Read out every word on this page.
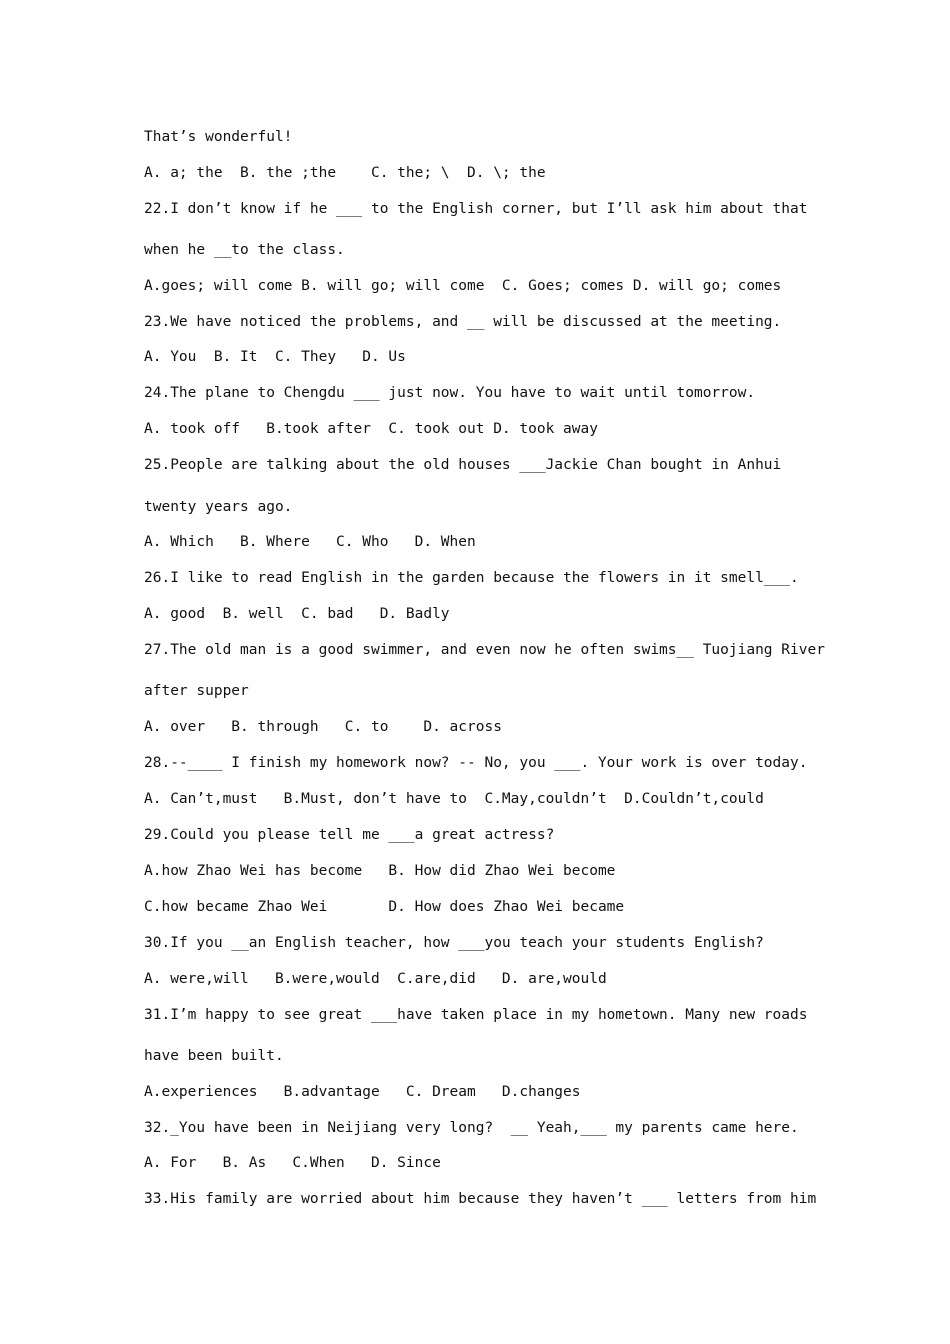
That’s wonderful!
A. a; the  B. the ;the    C. the; \  D. \; the
22.I don’t know if he ___ to the English corner, but I’ll ask him about that
when he __to the class.
A.goes; will come B. will go; will come  C. Goes; comes D. will go; comes
23.We have noticed the problems, and __ will be discussed at the meeting.
A. You  B. It  C. They   D. Us
24.The plane to Chengdu ___ just now. You have to wait until tomorrow.
A. took off   B.took after  C. took out D. took away
25.People are talking about the old houses ___Jackie Chan bought in Anhui
twenty years ago.
A. Which   B. Where   C. Who   D. When
26.I like to read English in the garden because the flowers in it smell___.
A. good  B. well  C. bad   D. Badly
27.The old man is a good swimmer, and even now he often swims__ Tuojiang River
after supper
A. over   B. through   C. to    D. across
28.--____ I finish my homework now? -- No, you ___. Your work is over today.
A. Can’t,must   B.Must, don’t have to  C.May,couldn’t  D.Couldn’t,could
29.Could you please tell me ___a great actress?
A.how Zhao Wei has become   B. How did Zhao Wei become
C.how became Zhao Wei       D. How does Zhao Wei became
30.If you __an English teacher, how ___you teach your students English?
A. were,will   B.were,would  C.are,did   D. are,would
31.I’m happy to see great ___have taken place in my hometown. Many new roads
have been built.
A.experiences   B.advantage   C. Dream   D.changes
32._You have been in Neijiang very long?  __ Yeah,___ my parents came here.
A. For   B. As   C.When   D. Since
33.His family are worried about him because they haven’t ___ letters from him
